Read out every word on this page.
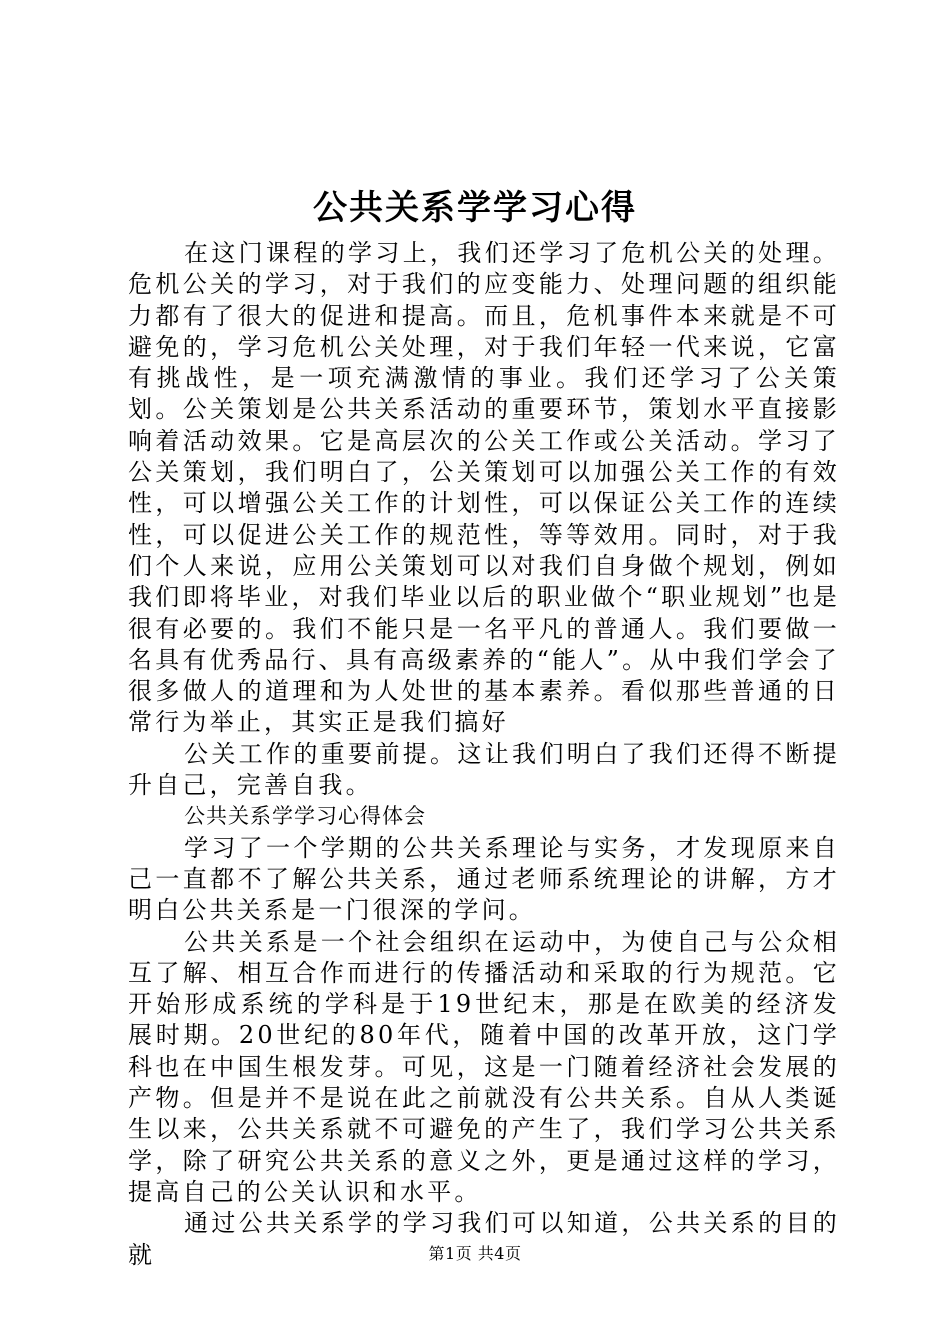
公共关系学学习心得

在这门课程的学习上，我们还学习了危机公关的处理。危机公关的学习，对于我们的应变能力、处理问题的组织能力都有了很大的促进和提高。而且，危机事件本来就是不可避免的，学习危机公关处理，对于我们年轻一代来说，它富有挑战性，是一项充满激情的事业。我们还学习了公关策划。公关策划是公共关系活动的重要环节，策划水平直接影响着活动效果。它是高层次的公关工作或公关活动。学习了公关策划，我们明白了，公关策划可以加强公关工作的有效性，可以增强公关工作的计划性，可以保证公关工作的连续性，可以促进公关工作的规范性，等等效用。同时，对于我们个人来说，应用公关策划可以对我们自身做个规划，例如我们即将毕业，对我们毕业以后的职业做个“职业规划”也是很有必要的。我们不能只是一名平凡的普通人。我们要做一名具有优秀品行、具有高级素养的“能人”。从中我们学会了很多做人的道理和为人处世的基本素养。看似那些普通的日常行为举止，其实正是我们搞好

公关工作的重要前提。这让我们明白了我们还得不断提升自己，完善自我。

公共关系学学习心得体会

学习了一个学期的公共关系理论与实务，才发现原来自己一直都不了解公共关系，通过老师系统理论的讲解，方才明白公共关系是一门很深的学问。

公共关系是一个社会组织在运动中，为使自己与公众相互了解、相互合作而进行的传播活动和采取的行为规范。它开始形成系统的学科是于19世纪末，那是在欧美的经济发展时期。20世纪的80年代，随着中国的改革开放，这门学科也在中国生根发芽。可见，这是一门随着经济社会发展的产物。但是并不是说在此之前就没有公共关系。自从人类诞生以来，公共关系就不可避免的产生了，我们学习公共关系学，除了研究公共关系的意义之外，更是通过这样的学习，提高自己的公关认识和水平。

通过公共关系学的学习我们可以知道，公共关系的目的就	第1页 共4页
